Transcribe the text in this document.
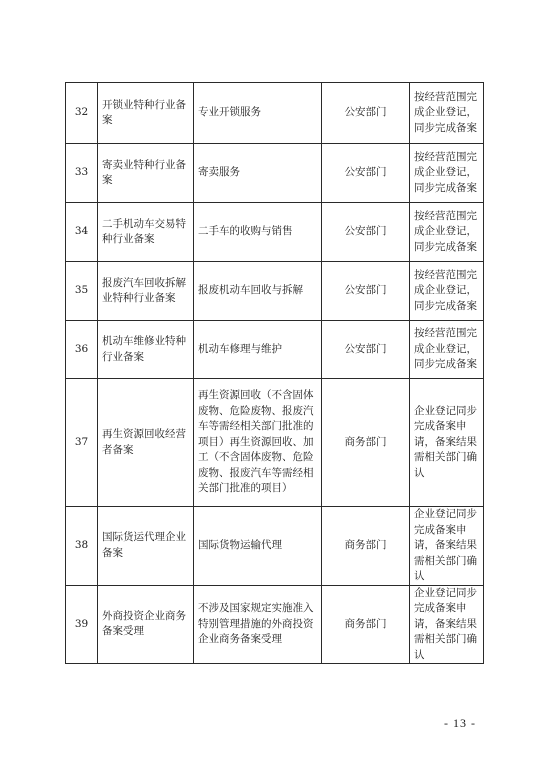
32	开锁业特种行业备案	专业开锁服务	公安部门	按经营范围完成企业登记，同步完成备案
33	寄卖业特种行业备案	寄卖服务	公安部门	按经营范围完成企业登记，同步完成备案
34	二手机动车交易特种行业备案	二手车的收购与销售	公安部门	按经营范围完成企业登记，同步完成备案
35	报废汽车回收拆解业特种行业备案	报废机动车回收与拆解	公安部门	按经营范围完成企业登记，同步完成备案
36	机动车维修业特种行业备案	机动车修理与维护	公安部门	按经营范围完成企业登记，同步完成备案
37	再生资源回收经营者备案	再生资源回收（不含固体废物、危险废物、报废汽车等需经相关部门批准的项目）再生资源回收、加工（不含固体废物、危险废物、报废汽车等需经相关部门批准的项目）	商务部门	企业登记同步完成备案申请，备案结果需相关部门确认
38	国际货运代理企业备案	国际货物运输代理	商务部门	企业登记同步完成备案申请，备案结果需相关部门确认
39	外商投资企业商务备案受理	不涉及国家规定实施准入特别管理措施的外商投资企业商务备案受理	商务部门	企业登记同步完成备案申请，备案结果需相关部门确认
- 13 -
